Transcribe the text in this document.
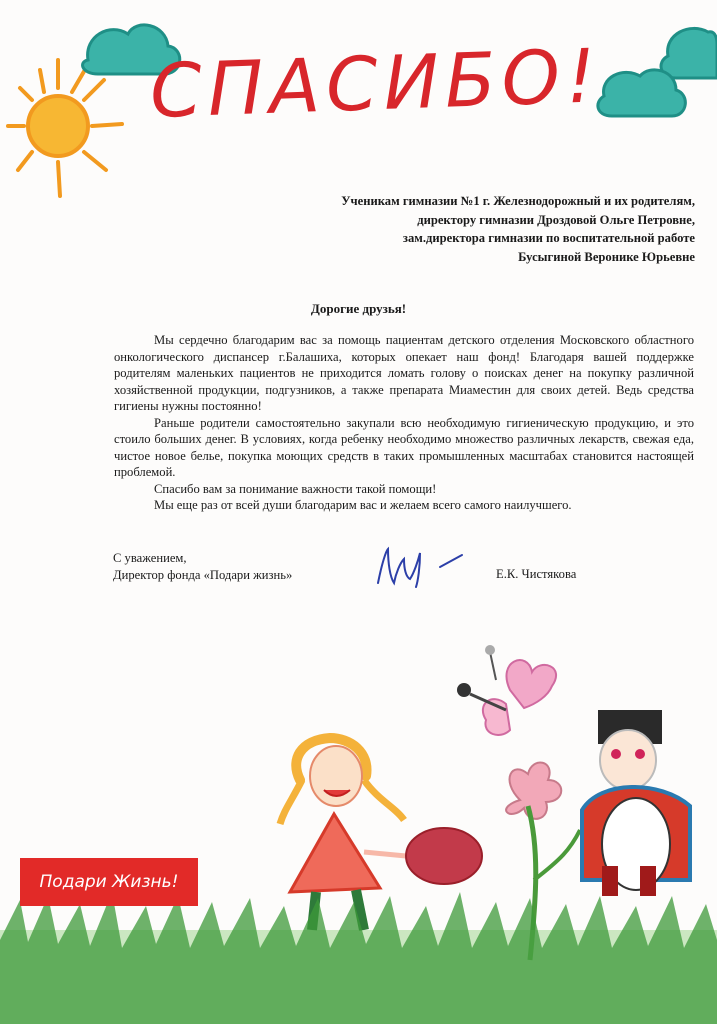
СПАСИБО!
Ученикам гимназии №1 г. Железнодорожный и их родителям,
директору гимназии Дроздовой Ольге Петровне,
зам.директора гимназии по воспитательной работе
Бусыгиной Веронике Юрьевне
Дорогие друзья!

Мы сердечно благодарим вас за помощь пациентам детского отделения Московского областного онкологического диспансер г.Балашиха, которых опекает наш фонд! Благодаря вашей поддержке родителям маленьких пациентов не приходится ломать голову о поисках денег на покупку различной хозяйственной продукции, подгузников, а также препарата Миаместин для своих детей. Ведь средства гигиены нужны постоянно!

Раньше родители самостоятельно закупали всю необходимую гигиеническую продукцию, и это стоило больших денег. В условиях, когда ребенку необходимо множество различных лекарств, свежая еда, чистое новое белье, покупка моющих средств в таких промышленных масштабах становится настоящей проблемой.

Спасибо вам за понимание важности такой помощи!

Мы еще раз от всей души благодарим вас и желаем всего самого наилучшего.

С уважением,
Директор фонда «Подари жизнь»	Е.К. Чистякова
Подари Жизнь!
